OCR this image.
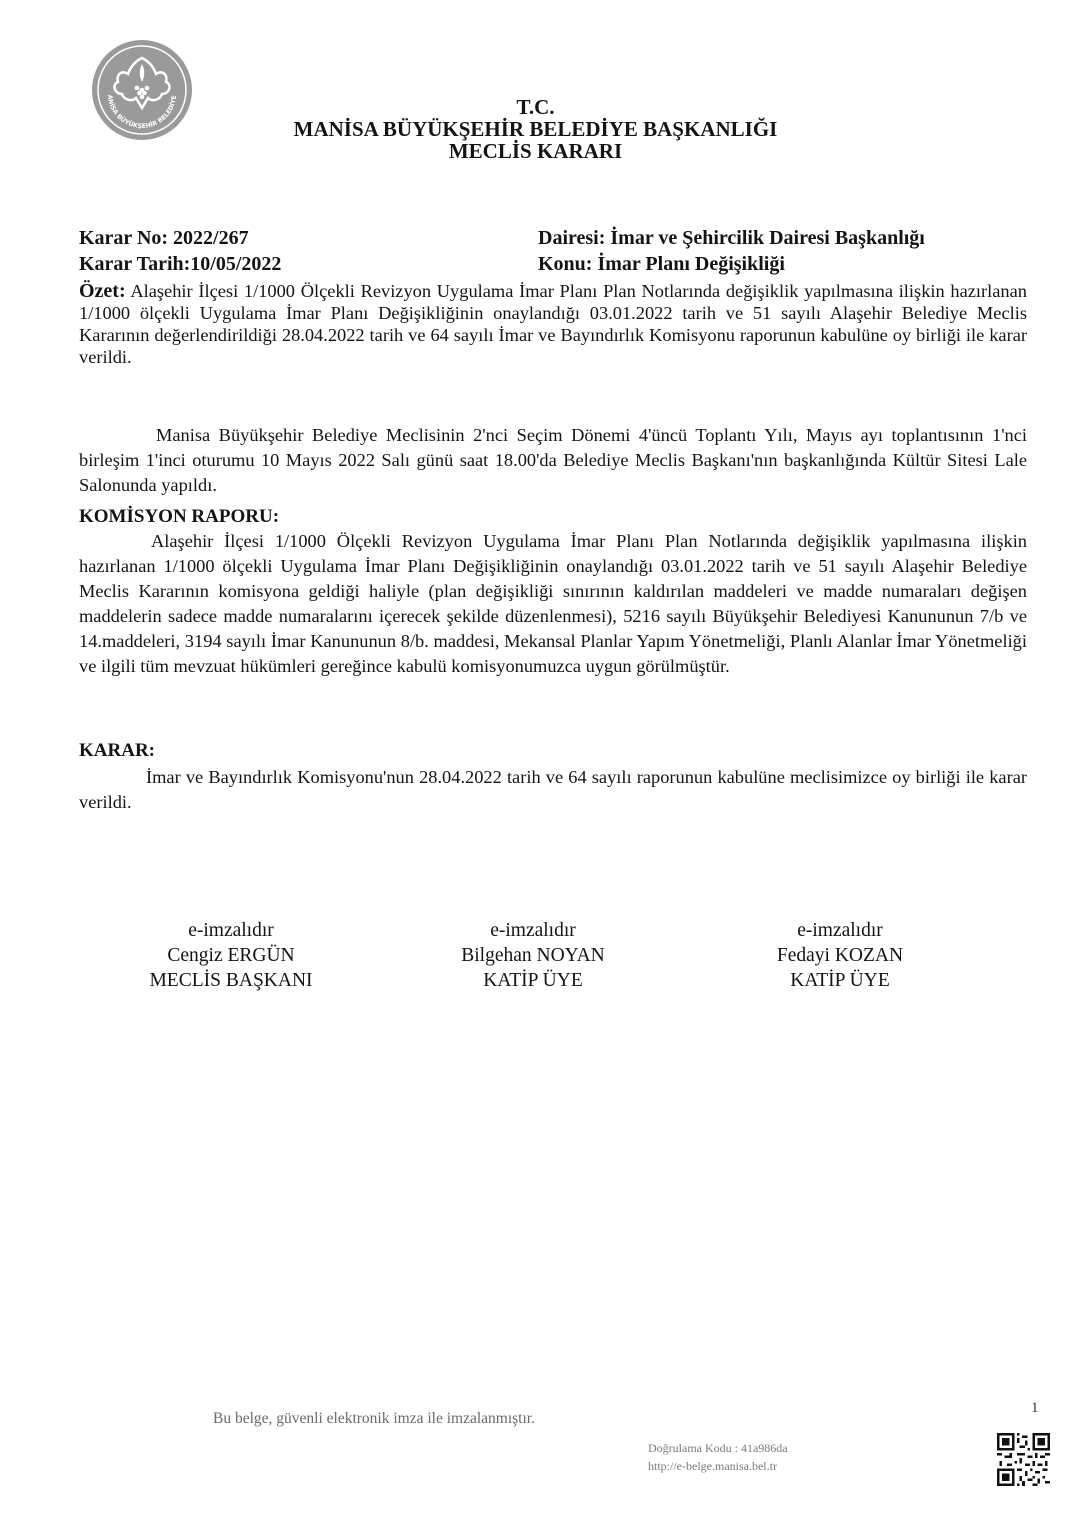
ANİSA BÜYÜKŞEHİR BELEDİYE	T.C.
MANİSA BÜYÜKŞEHİR BELEDİYE BAŞKANLIĞI
MECLİS KARARI
Karar No: 2022/267
Karar Tarih:10/05/2022
Dairesi: İmar ve Şehircilik Dairesi Başkanlığı
Konu: İmar Planı Değişikliği
Özet: Alaşehir İlçesi 1/1000 Ölçekli Revizyon Uygulama İmar Planı Plan Notlarında değişiklik yapılmasına ilişkin hazırlanan 1/1000 ölçekli Uygulama İmar Planı Değişikliğinin onaylandığı 03.01.2022 tarih ve 51 sayılı Alaşehir Belediye Meclis Kararının değerlendirildiği 28.04.2022 tarih ve 64 sayılı İmar ve Bayındırlık Komisyonu raporunun kabulüne oy birliği ile karar verildi.
Manisa Büyükşehir Belediye Meclisinin 2'nci Seçim Dönemi 4'üncü Toplantı Yılı, Mayıs ayı toplantısının 1'nci birleşim 1'inci oturumu 10 Mayıs 2022 Salı günü saat 18.00'da Belediye Meclis Başkanı'nın başkanlığında Kültür Sitesi Lale Salonunda yapıldı.
KOMİSYON RAPORU:
Alaşehir İlçesi 1/1000 Ölçekli Revizyon Uygulama İmar Planı Plan Notlarında değişiklik yapılmasına ilişkin hazırlanan 1/1000 ölçekli Uygulama İmar Planı Değişikliğinin onaylandığı 03.01.2022 tarih ve 51 sayılı Alaşehir Belediye Meclis Kararının komisyona geldiği haliyle (plan değişikliği sınırının kaldırılan maddeleri ve madde numaraları değişen maddelerin sadece madde numaralarını içerecek şekilde düzenlenmesi), 5216 sayılı Büyükşehir Belediyesi Kanununun 7/b ve 14.maddeleri, 3194 sayılı İmar Kanununun 8/b. maddesi, Mekansal Planlar Yapım Yönetmeliği, Planlı Alanlar İmar Yönetmeliği ve ilgili tüm mevzuat hükümleri gereğince kabulü komisyonumuzca uygun görülmüştür.
KARAR:
İmar ve Bayındırlık Komisyonu'nun 28.04.2022 tarih ve 64 sayılı raporunun kabulüne meclisimizce oy birliği ile karar verildi.
e-imzalıdır
Cengiz ERGÜN
MECLİS BAŞKANI
e-imzalıdır
Bilgehan NOYAN
KATİP ÜYE
e-imzalıdır
Fedayi KOZAN
KATİP ÜYE
Bu belge, güvenli elektronik imza ile imzalanmıştır.
1
Doğrulama Kodu : 41a986da
http://e-belge.manisa.bel.tr
